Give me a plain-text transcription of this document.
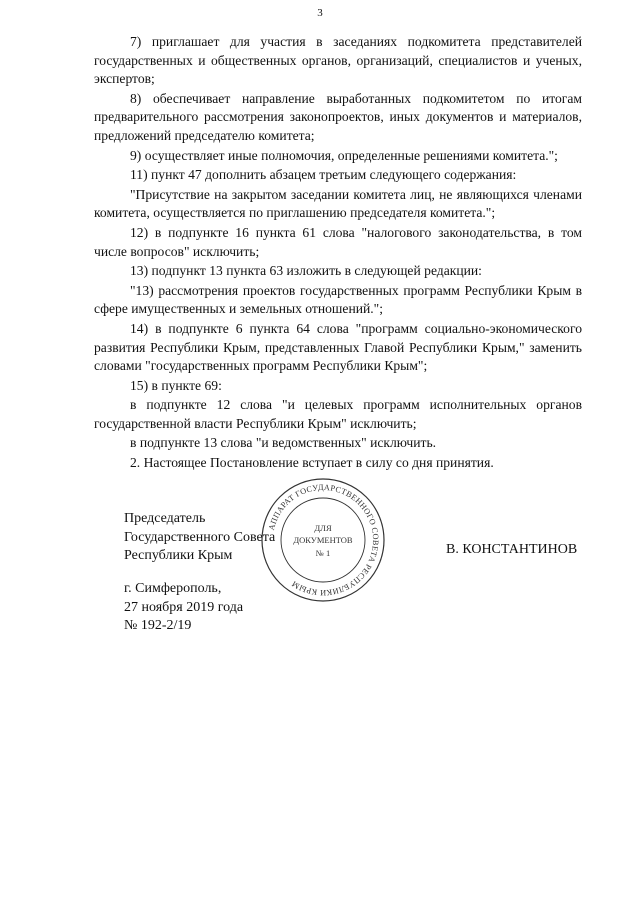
3

7) приглашает для участия в заседаниях подкомитета представителей государственных и общественных органов, организаций, специалистов и ученых, экспертов;

8) обеспечивает направление выработанных подкомитетом по итогам предварительного рассмотрения законопроектов, иных документов и материалов, предложений председателю комитета;

9) осуществляет иные полномочия, определенные решениями комитета.";

11) пункт 47 дополнить абзацем третьим следующего содержания:

"Присутствие на закрытом заседании комитета лиц, не являющихся членами комитета, осуществляется по приглашению председателя комитета.";

12) в подпункте 16 пункта 61 слова "налогового законодательства, в том числе вопросов" исключить;

13) подпункт 13 пункта 63 изложить в следующей редакции:

"13) рассмотрения проектов государственных программ Республики Крым в сфере имущественных и земельных отношений.";

14) в подпункте 6 пункта 64 слова "программ социально-экономического развития Республики Крым, представленных Главой Республики Крым," заменить словами "государственных программ Республики Крым";

15) в пункте 69:

в подпункте 12 слова "и целевых программ исполнительных органов государственной власти Республики Крым" исключить;

в подпункте 13 слова "и ведомственных" исключить.

2. Настоящее Постановление вступает в силу со дня принятия.

Председатель
Государственного Совета
Республики Крым	В. КОНСТАНТИНОВ
г. Симферополь,
27 ноября 2019 года
№ 192-2/19
АППАРАТ ГОСУДАРСТВЕННОГО СОВЕТА РЕСПУБЛИКИ КРЫМ
ДЛЯ
ДОКУМЕНТОВ
№ 1
